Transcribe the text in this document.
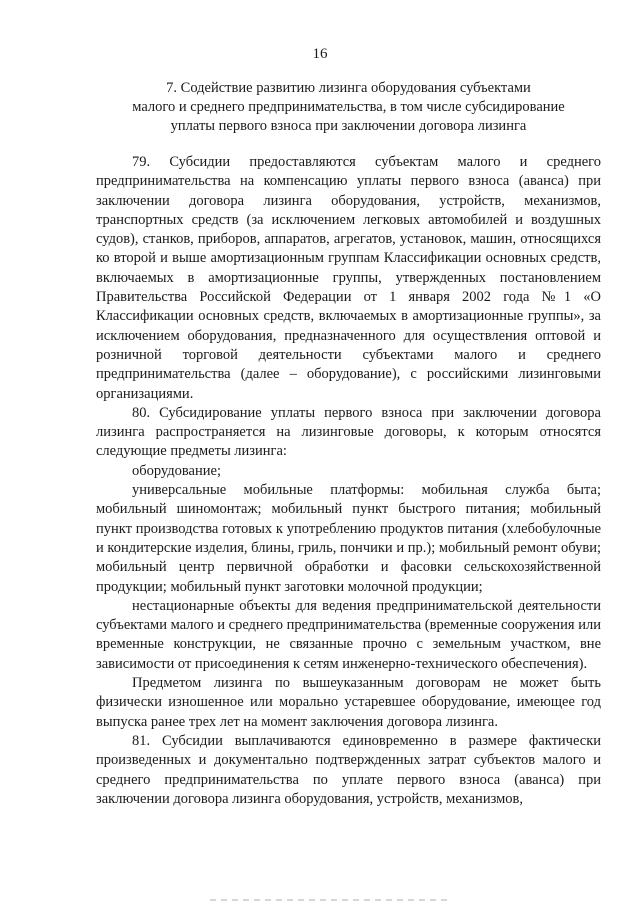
16
7. Содействие развитию лизинга оборудования субъектами
малого и среднего предпринимательства, в том числе субсидирование
уплаты первого взноса при заключении договора лизинга

79. Субсидии предоставляются субъектам малого и среднего предпринимательства на компенсацию уплаты первого взноса (аванса) при заключении договора лизинга оборудования, устройств, механизмов, транспортных средств (за исключением легковых автомобилей и воздушных судов), станков, приборов, аппаратов, агрегатов, установок, машин, относящихся ко второй и выше амортизационным группам Классификации основных средств, включаемых в амортизационные группы, утвержденных постановлением Правительства Российской Федерации от 1 января 2002 года №1 «О Классификации основных средств, включаемых в амортизационные группы», за исключением оборудования, предназначенного для осуществления оптовой и розничной торговой деятельности субъектами малого и среднего предпринимательства (далее – оборудование), с российскими лизинговыми организациями.

80. Субсидирование уплаты первого взноса при заключении договора лизинга распространяется на лизинговые договоры, к которым относятся следующие предметы лизинга:

оборудование;

универсальные мобильные платформы: мобильная служба быта; мобильный шиномонтаж; мобильный пункт быстрого питания; мобильный пункт производства готовых к употреблению продуктов питания (хлебобулочные и кондитерские изделия, блины, гриль, пончики и пр.); мобильный ремонт обуви; мобильный центр первичной обработки и фасовки сельскохозяйственной продукции; мобильный пункт заготовки молочной продукции;

нестационарные объекты для ведения предпринимательской деятельности субъектами малого и среднего предпринимательства (временные сооружения или временные конструкции, не связанные прочно с земельным участком, вне зависимости от присоединения к сетям инженерно-технического обеспечения).

Предметом лизинга по вышеуказанным договорам не может быть физически изношенное или морально устаревшее оборудование, имеющее год выпуска ранее трех лет на момент заключения договора лизинга.

81. Субсидии выплачиваются единовременно в размере фактически произведенных и документально подтвержденных затрат субъектов малого и среднего предпринимательства по уплате первого взноса (аванса) при заключении договора лизинга оборудования, устройств, механизмов,
